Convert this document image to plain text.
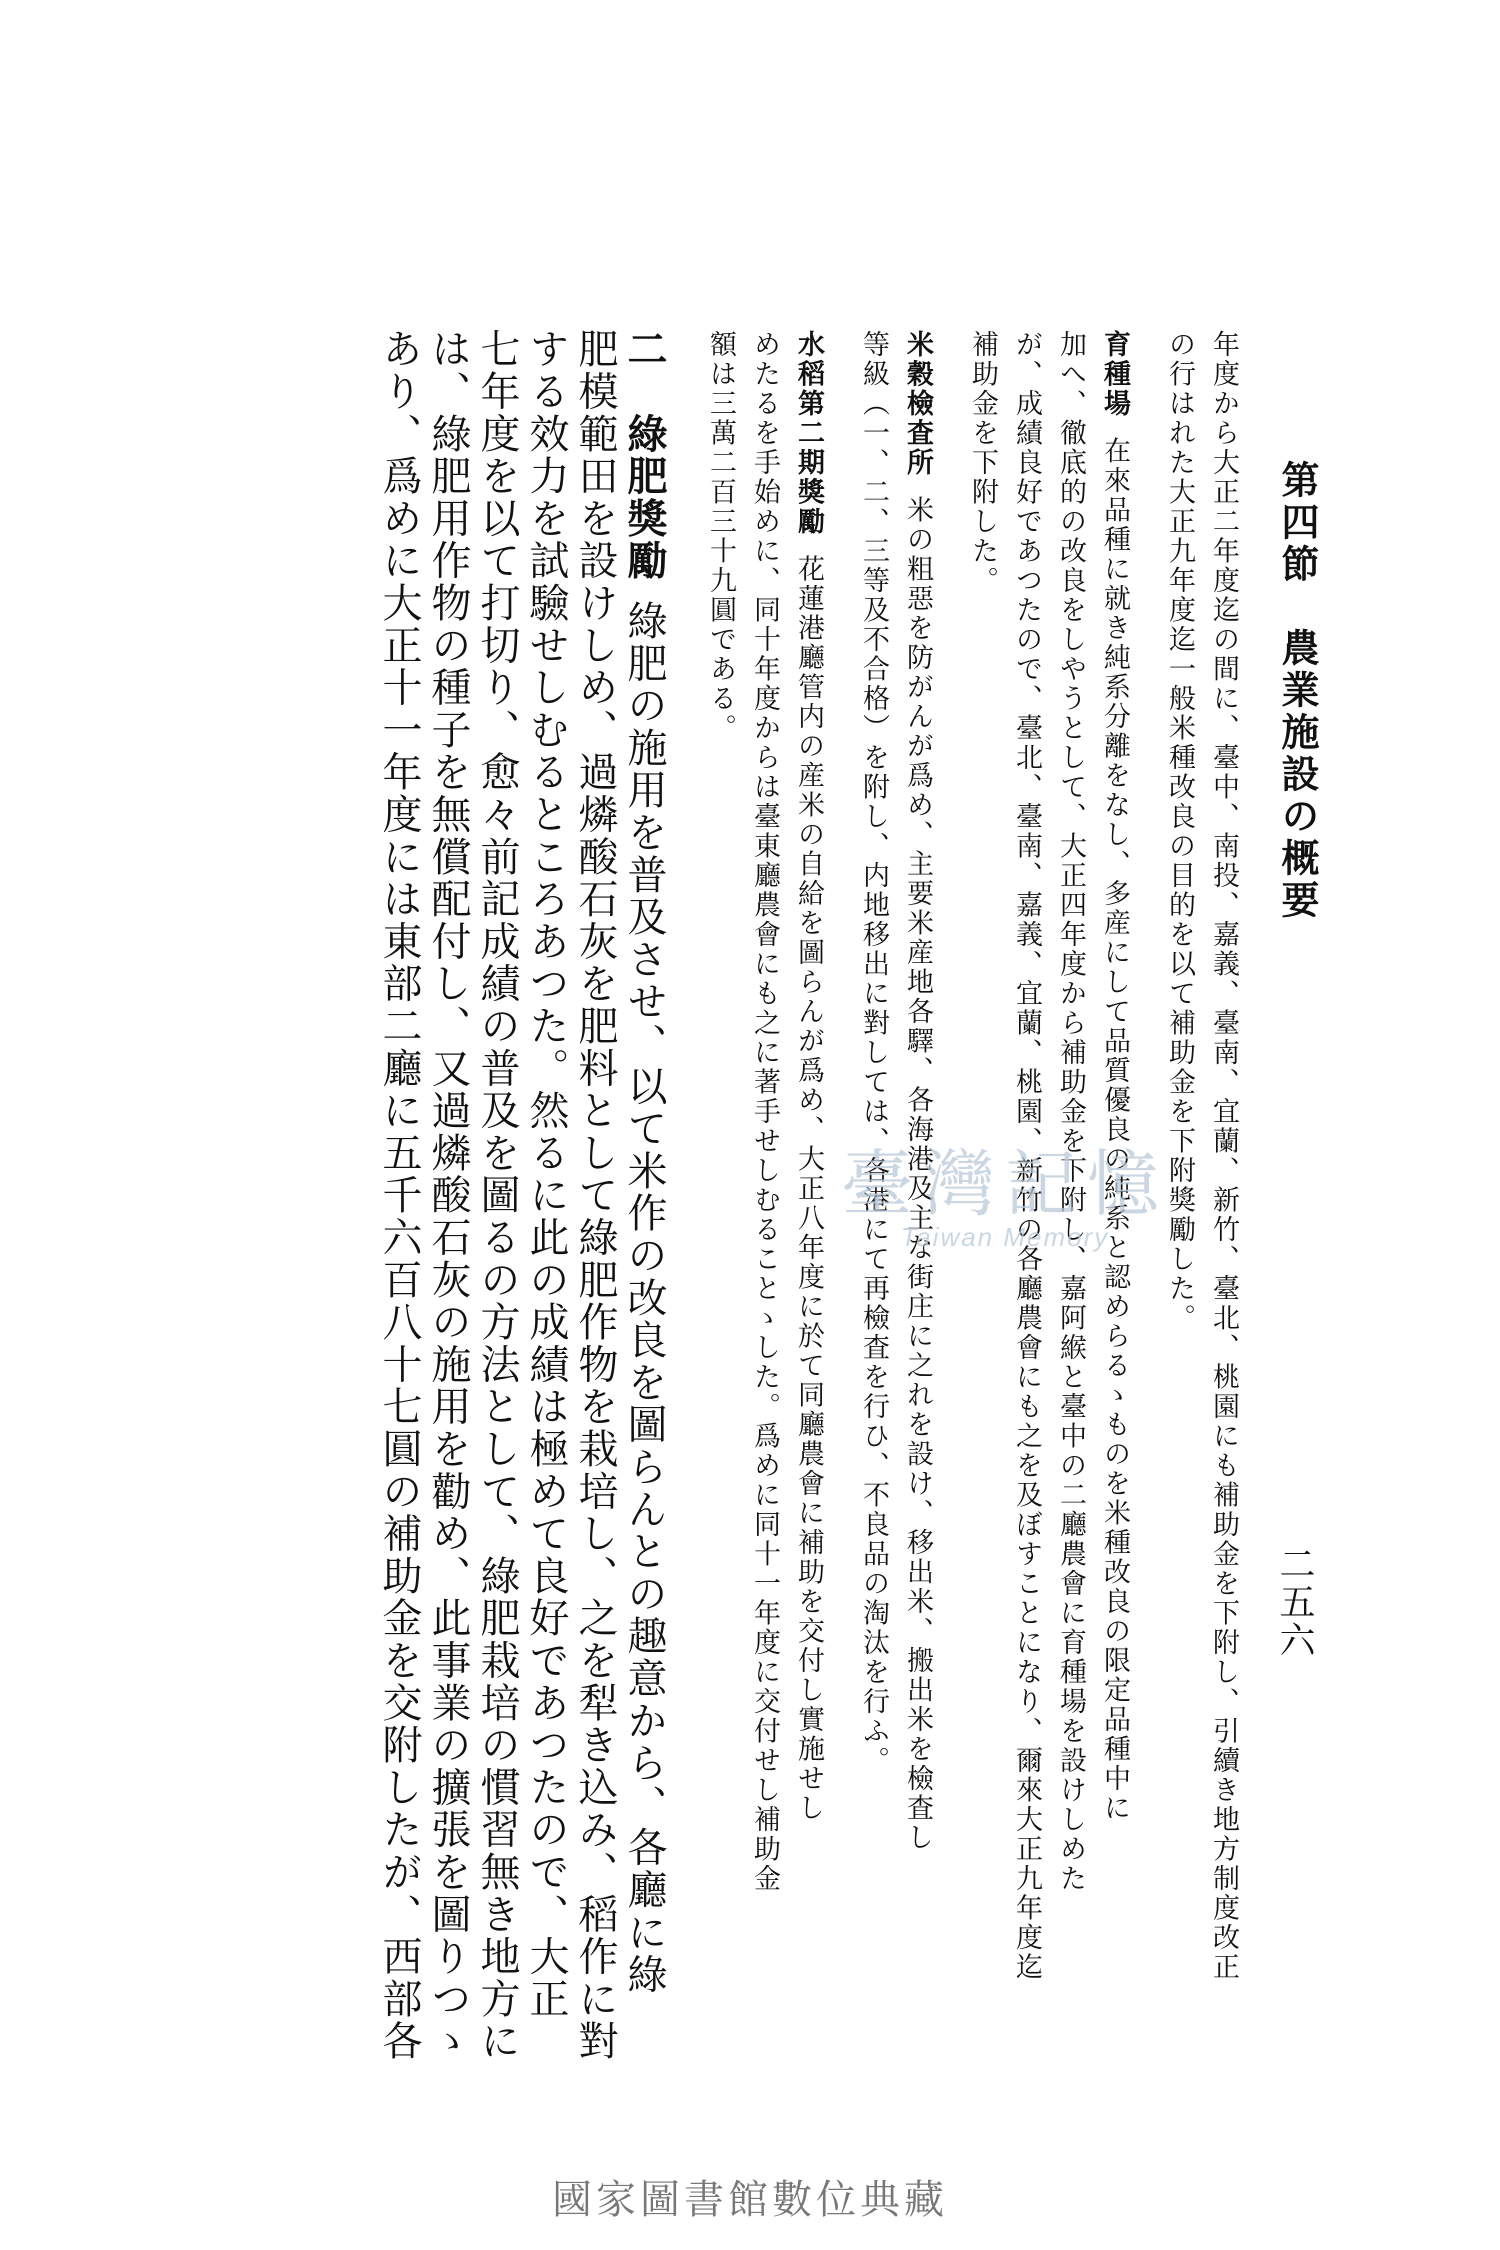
第四節　農業施設の概要
二五六
年度から大正二年度迄の間に、臺中、南投、嘉義、臺南、宜蘭、新竹、臺北、桃園にも補助金を下附し、引續き地方制度改正
の行はれた大正九年度迄一般米種改良の目的を以て補助金を下附獎勵した。
育種場在來品種に就き純系分離をなし、多産にして品質優良の純系と認めらるゝものを米種改良の限定品種中に
加へ、徹底的の改良をしやうとして、大正四年度から補助金を下附し、嘉阿緱と臺中の二廳農會に育種場を設けしめた
が、成績良好であつたので、臺北、臺南、嘉義、宜蘭、桃園、新竹の各廳農會にも之を及ぼすことになり、爾來大正九年度迄
補助金を下附した。
米穀檢査所米の粗惡を防がんが爲め、主要米産地各驛、各海港及主な街庄に之れを設け、移出米、搬出米を檢査し
等級（一、二、三等及不合格）を附し、内地移出に對しては、各港にて再檢査を行ひ、不良品の淘汰を行ふ。
水稻第二期獎勵花蓮港廳管内の産米の自給を圖らんが爲め、大正八年度に於て同廳農會に補助を交付し實施せし
めたるを手始めに、同十年度からは臺東廳農會にも之に著手せしむることゝした。爲めに同十一年度に交付せし補助金
額は三萬二百三十九圓である。
二　綠肥獎勵綠肥の施用を普及させ、以て米作の改良を圖らんとの趣意から、各廳に綠
肥模範田を設けしめ、過燐酸石灰を肥料として綠肥作物を栽培し、之を犁き込み、稻作に對
する效力を試驗せしむるところあつた。然るに此の成績は極めて良好であつたので、大正
七年度を以て打切り、愈々前記成績の普及を圖るの方法として、綠肥栽培の慣習無き地方に
は、綠肥用作物の種子を無償配付し、又過燐酸石灰の施用を勸め、此事業の擴張を圖りつゝ
あり、爲めに大正十一年度には東部二廳に五千六百八十七圓の補助金を交附したが、西部各	臺灣記憶
Taiwan Memory
國家圖書館數位典藏
